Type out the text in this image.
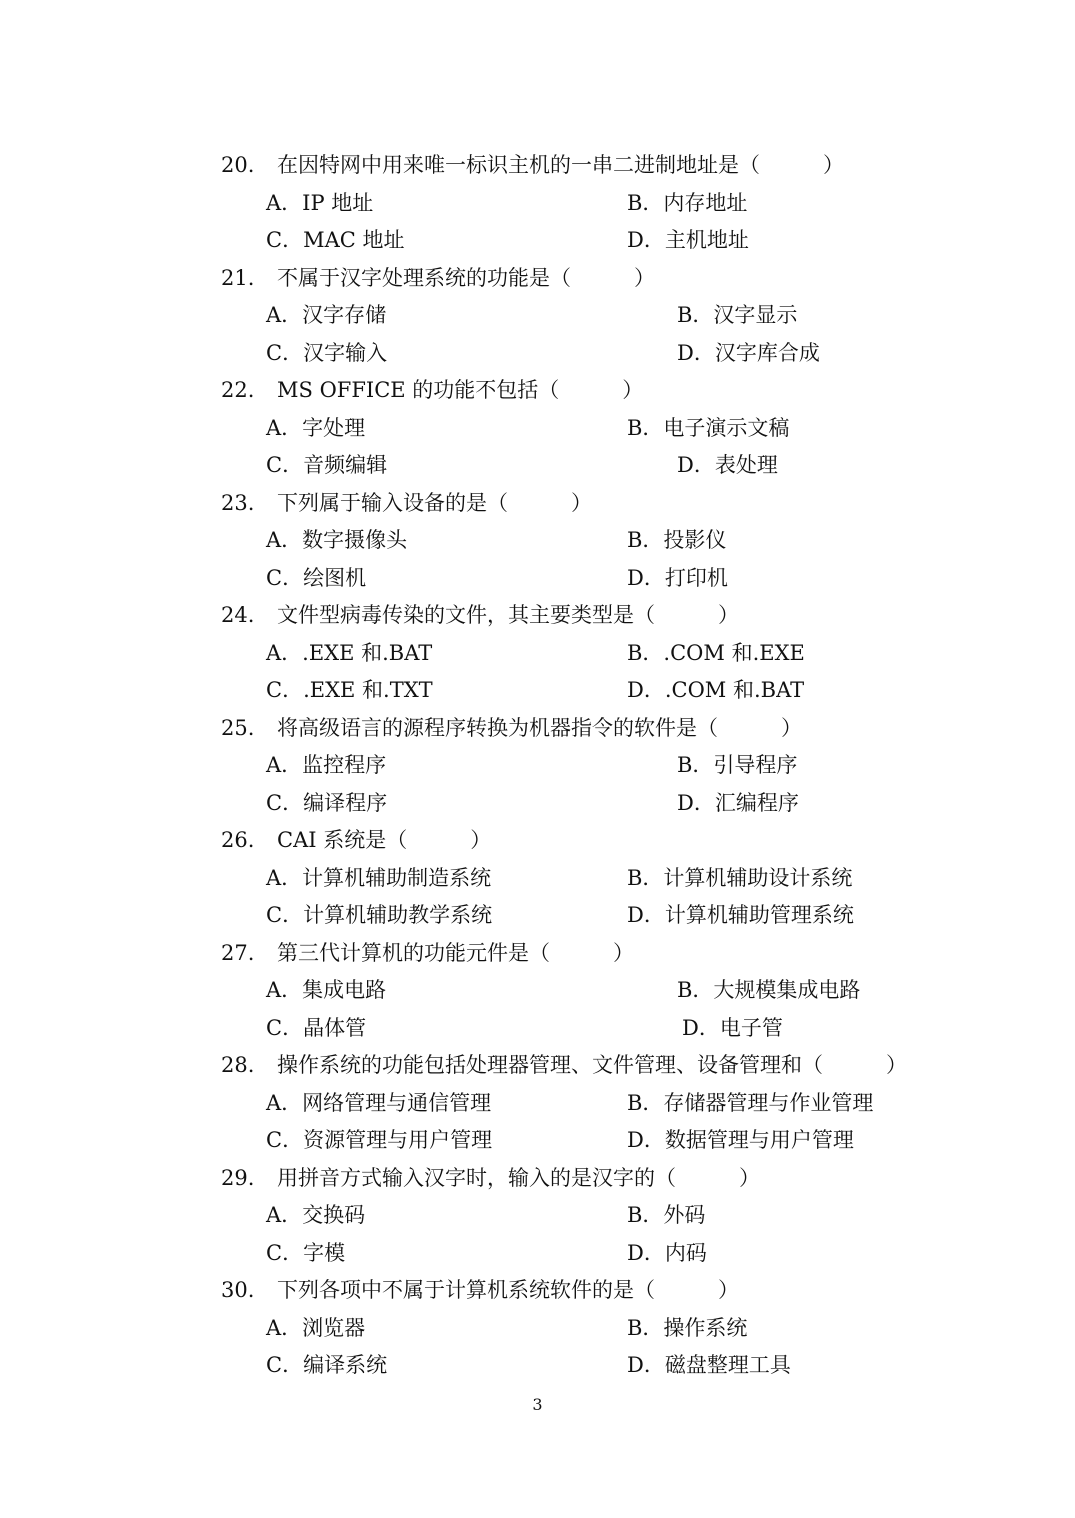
20. 在因特网中用来唯一标识主机的一串二进制地址是（　　　）
A．IP 地址	B．内存地址
C．MAC 地址	D．主机地址
21. 不属于汉字处理系统的功能是（　　　）
A．汉字存储	B．汉字显示
C．汉字输入	D．汉字库合成
22. MS OFFICE 的功能不包括（　　　）
A．字处理	B．电子演示文稿
C．音频编辑	D．表处理
23. 下列属于输入设备的是（　　　）
A．数字摄像头	B．投影仪
C．绘图机	D．打印机
24. 文件型病毒传染的文件，其主要类型是（　　　）
A．.EXE 和.BAT	B．.COM 和.EXE
C．.EXE 和.TXT	D．.COM 和.BAT
25. 将高级语言的源程序转换为机器指令的软件是（　　　）
A．监控程序	B．引导程序
C．编译程序	D．汇编程序
26. CAI 系统是（　　　）
A．计算机辅助制造系统	B．计算机辅助设计系统
C．计算机辅助教学系统	D．计算机辅助管理系统
27. 第三代计算机的功能元件是（　　　）
A．集成电路	B．大规模集成电路
C．晶体管	D．电子管
28. 操作系统的功能包括处理器管理、文件管理、设备管理和（　　　）
A．网络管理与通信管理	B．存储器管理与作业管理
C．资源管理与用户管理	D．数据管理与用户管理
29. 用拼音方式输入汉字时，输入的是汉字的（　　　）
A．交换码	B．外码
C．字模	D．内码
30. 下列各项中不属于计算机系统软件的是（　　　）
A．浏览器	B．操作系统
C．编译系统	D．磁盘整理工具
3
